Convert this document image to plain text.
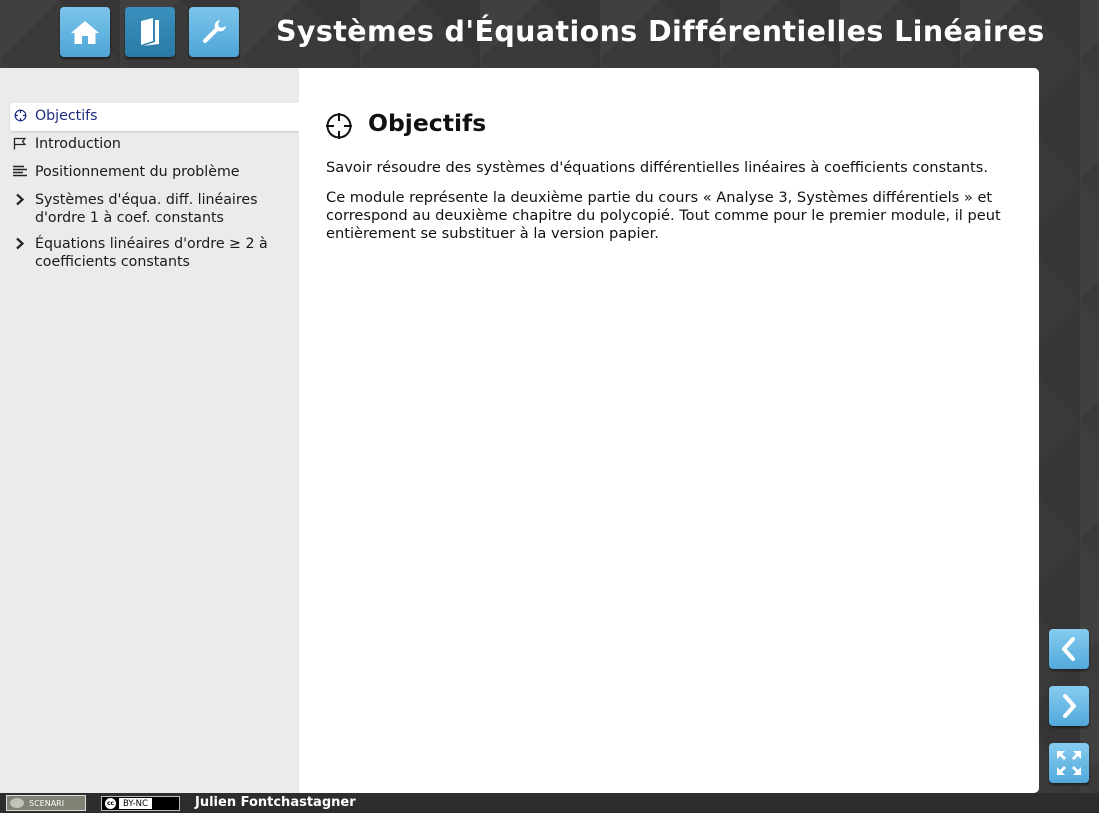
Systèmes d'Équations Différentielles Linéaires
Objectifs
Introduction
Positionnement du problème
Systèmes d'équa. diff. linéaires d'ordre 1 à coef. constants
Équations linéaires d'ordre ≥ 2 à coefficients constants
Objectifs

Savoir résoudre des systèmes d'équations différentielles linéaires à coefficients constants.

Ce module représente la deuxième partie du cours « Analyse 3, Systèmes différentiels » et correspond au deuxième chapitre du polycopié. Tout comme pour le premier module, il peut entièrement se substituer à la version papier.

SCENARI	cc	BY-NC	Julien Fontchastagner
